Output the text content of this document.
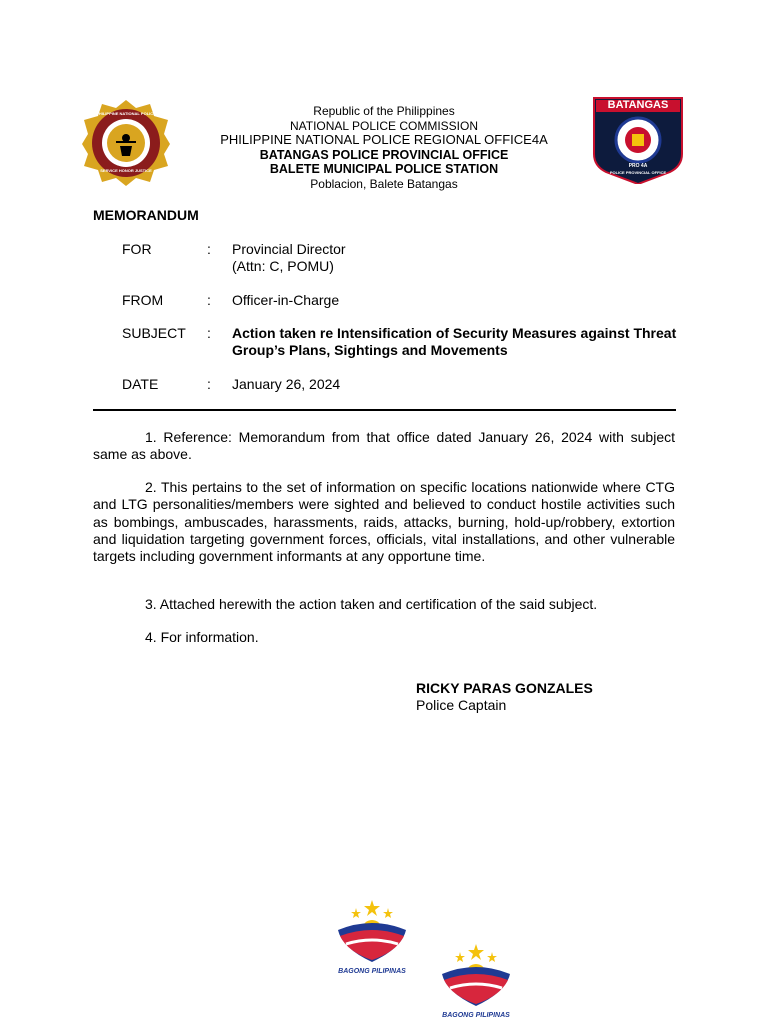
PHILIPPINE NATIONAL POLICE
SERVICE HONOR JUSTICE
Republic of the Philippines
NATIONAL POLICE COMMISSION
PHILIPPINE NATIONAL POLICE REGIONAL OFFICE4A
BATANGAS POLICE PROVINCIAL OFFICE
BALETE MUNICIPAL POLICE STATION
Poblacion, Balete Batangas
BATANGAS
PRO 4A
POLICE PROVINCIAL OFFICE
MEMORANDUM
FOR	: Provincial Director
(Attn: C, POMU)
FROM	: Officer-in-Charge
SUBJECT : Action taken re Intensification of Security Measures against Threat Group’s Plans, Sightings and Movements
DATE	: January 26, 2024
1. Reference: Memorandum from that office dated January 26, 2024 with subject same as above.
2. This pertains to the set of information on specific locations nationwide where CTG and LTG personalities/members were sighted and believed to conduct hostile activities such as bombings, ambuscades, harassments, raids, attacks, burning, hold-up/robbery, extortion and liquidation targeting government forces, officials, vital installations, and other vulnerable targets including government informants at any opportune time.
3. Attached herewith the action taken and certification of the said subject.
4. For information.
RICKY PARAS GONZALES
Police Captain
BAGONG PILIPINAS
BAGONG PILIPINAS
